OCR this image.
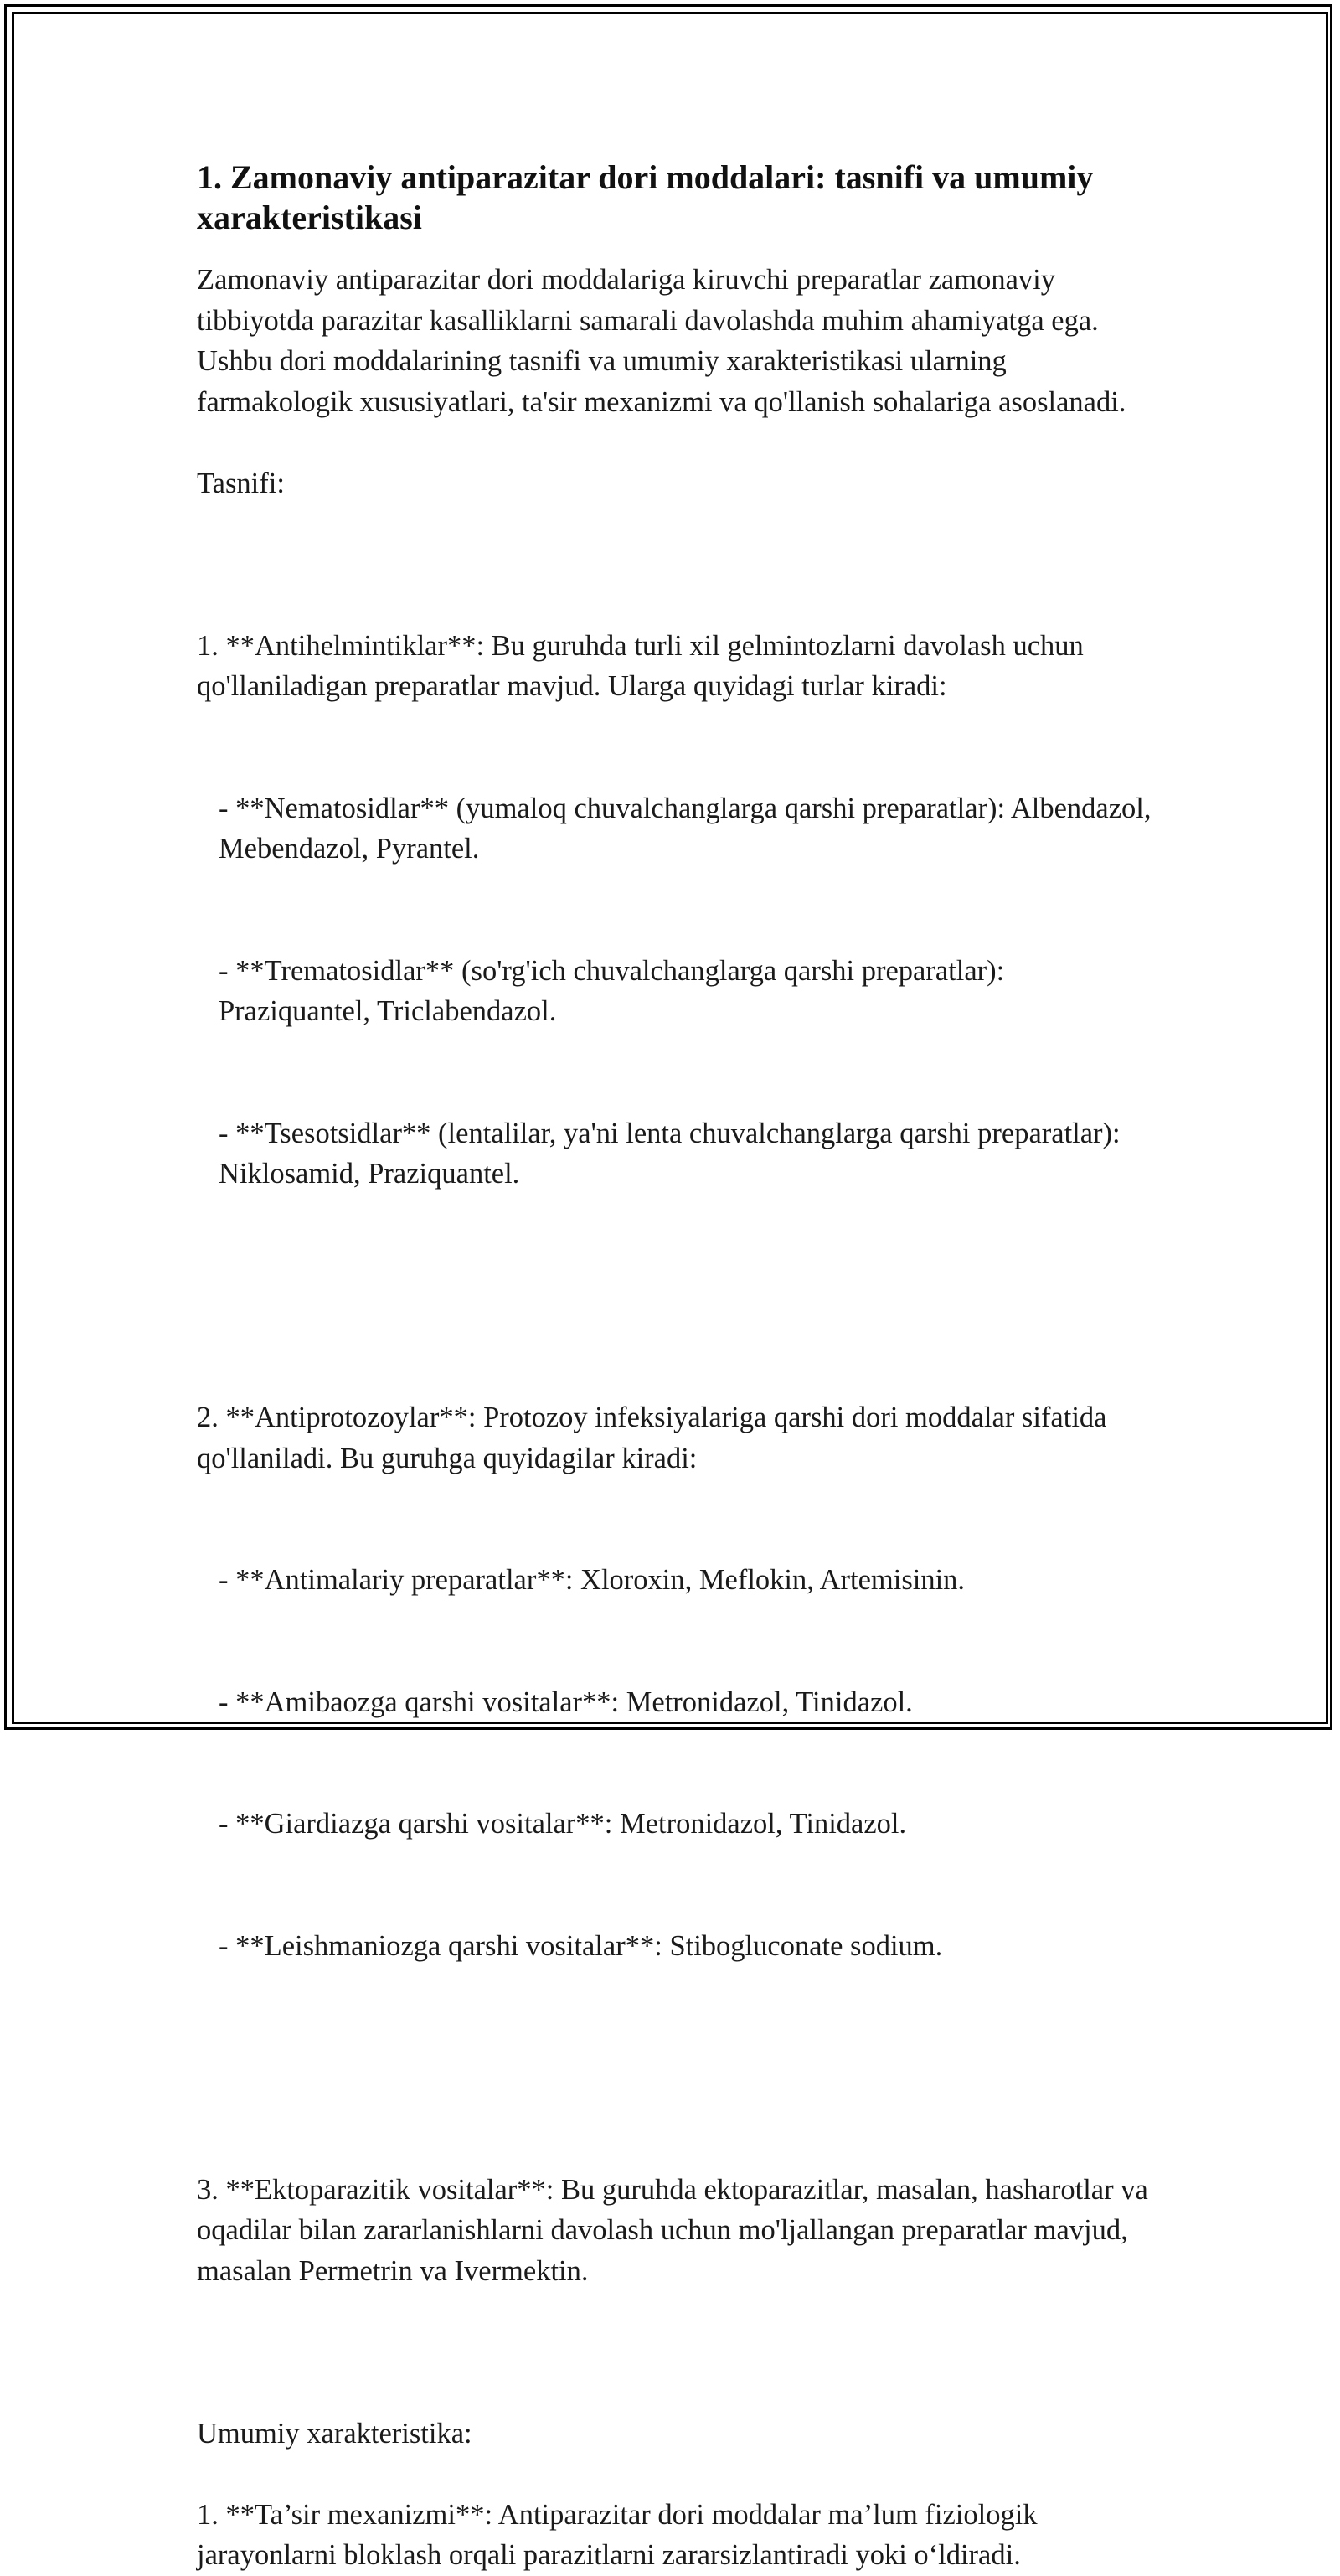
1. Zamonaviy antiparazitar dori moddalari: tasnifi va umumiy xarakteristikasi

Zamonaviy antiparazitar dori moddalariga kiruvchi preparatlar zamonaviy tibbiyotda parazitar kasalliklarni samarali davolashda muhim ahamiyatga ega. Ushbu dori moddalarining tasnifi va umumiy xarakteristikasi ularning farmakologik xususiyatlari, ta'sir mexanizmi va qo'llanish sohalariga asoslanadi.

Tasnifi:

1. **Antihelmintiklar**: Bu guruhda turli xil gelmintozlarni davolash uchun qo'llaniladigan preparatlar mavjud. Ularga quyidagi turlar kiradi:

- **Nematosidlar** (yumaloq chuvalchanglarga qarshi preparatlar): Albendazol, Mebendazol, Pyrantel.

- **Trematosidlar** (so'rg'ich chuvalchanglarga qarshi preparatlar): Praziquantel, Triclabendazol.

- **Tsesotsidlar** (lentalilar, ya'ni lenta chuvalchanglarga qarshi preparatlar): Niklosamid, Praziquantel.

2. **Antiprotozoylar**: Protozoy infeksiyalariga qarshi dori moddalar sifatida qo'llaniladi. Bu guruhga quyidagilar kiradi:

- **Antimalariy preparatlar**: Xloroxin, Meflokin, Artemisinin.

- **Amibaozga qarshi vositalar**: Metronidazol, Tinidazol.

- **Giardiazga qarshi vositalar**: Metronidazol, Tinidazol.

- **Leishmaniozga qarshi vositalar**: Stibogluconate sodium.

3. **Ektoparazitik vositalar**: Bu guruhda ektoparazitlar, masalan, hasharotlar va oqadilar bilan zararlanishlarni davolash uchun mo'ljallangan preparatlar mavjud, masalan Permetrin va Ivermektin.

Umumiy xarakteristika:

1. **Ta’sir mexanizmi**: Antiparazitar dori moddalar ma’lum fiziologik jarayonlarni bloklash orqali parazitlarni zararsizlantiradi yoki o‘ldiradi.
